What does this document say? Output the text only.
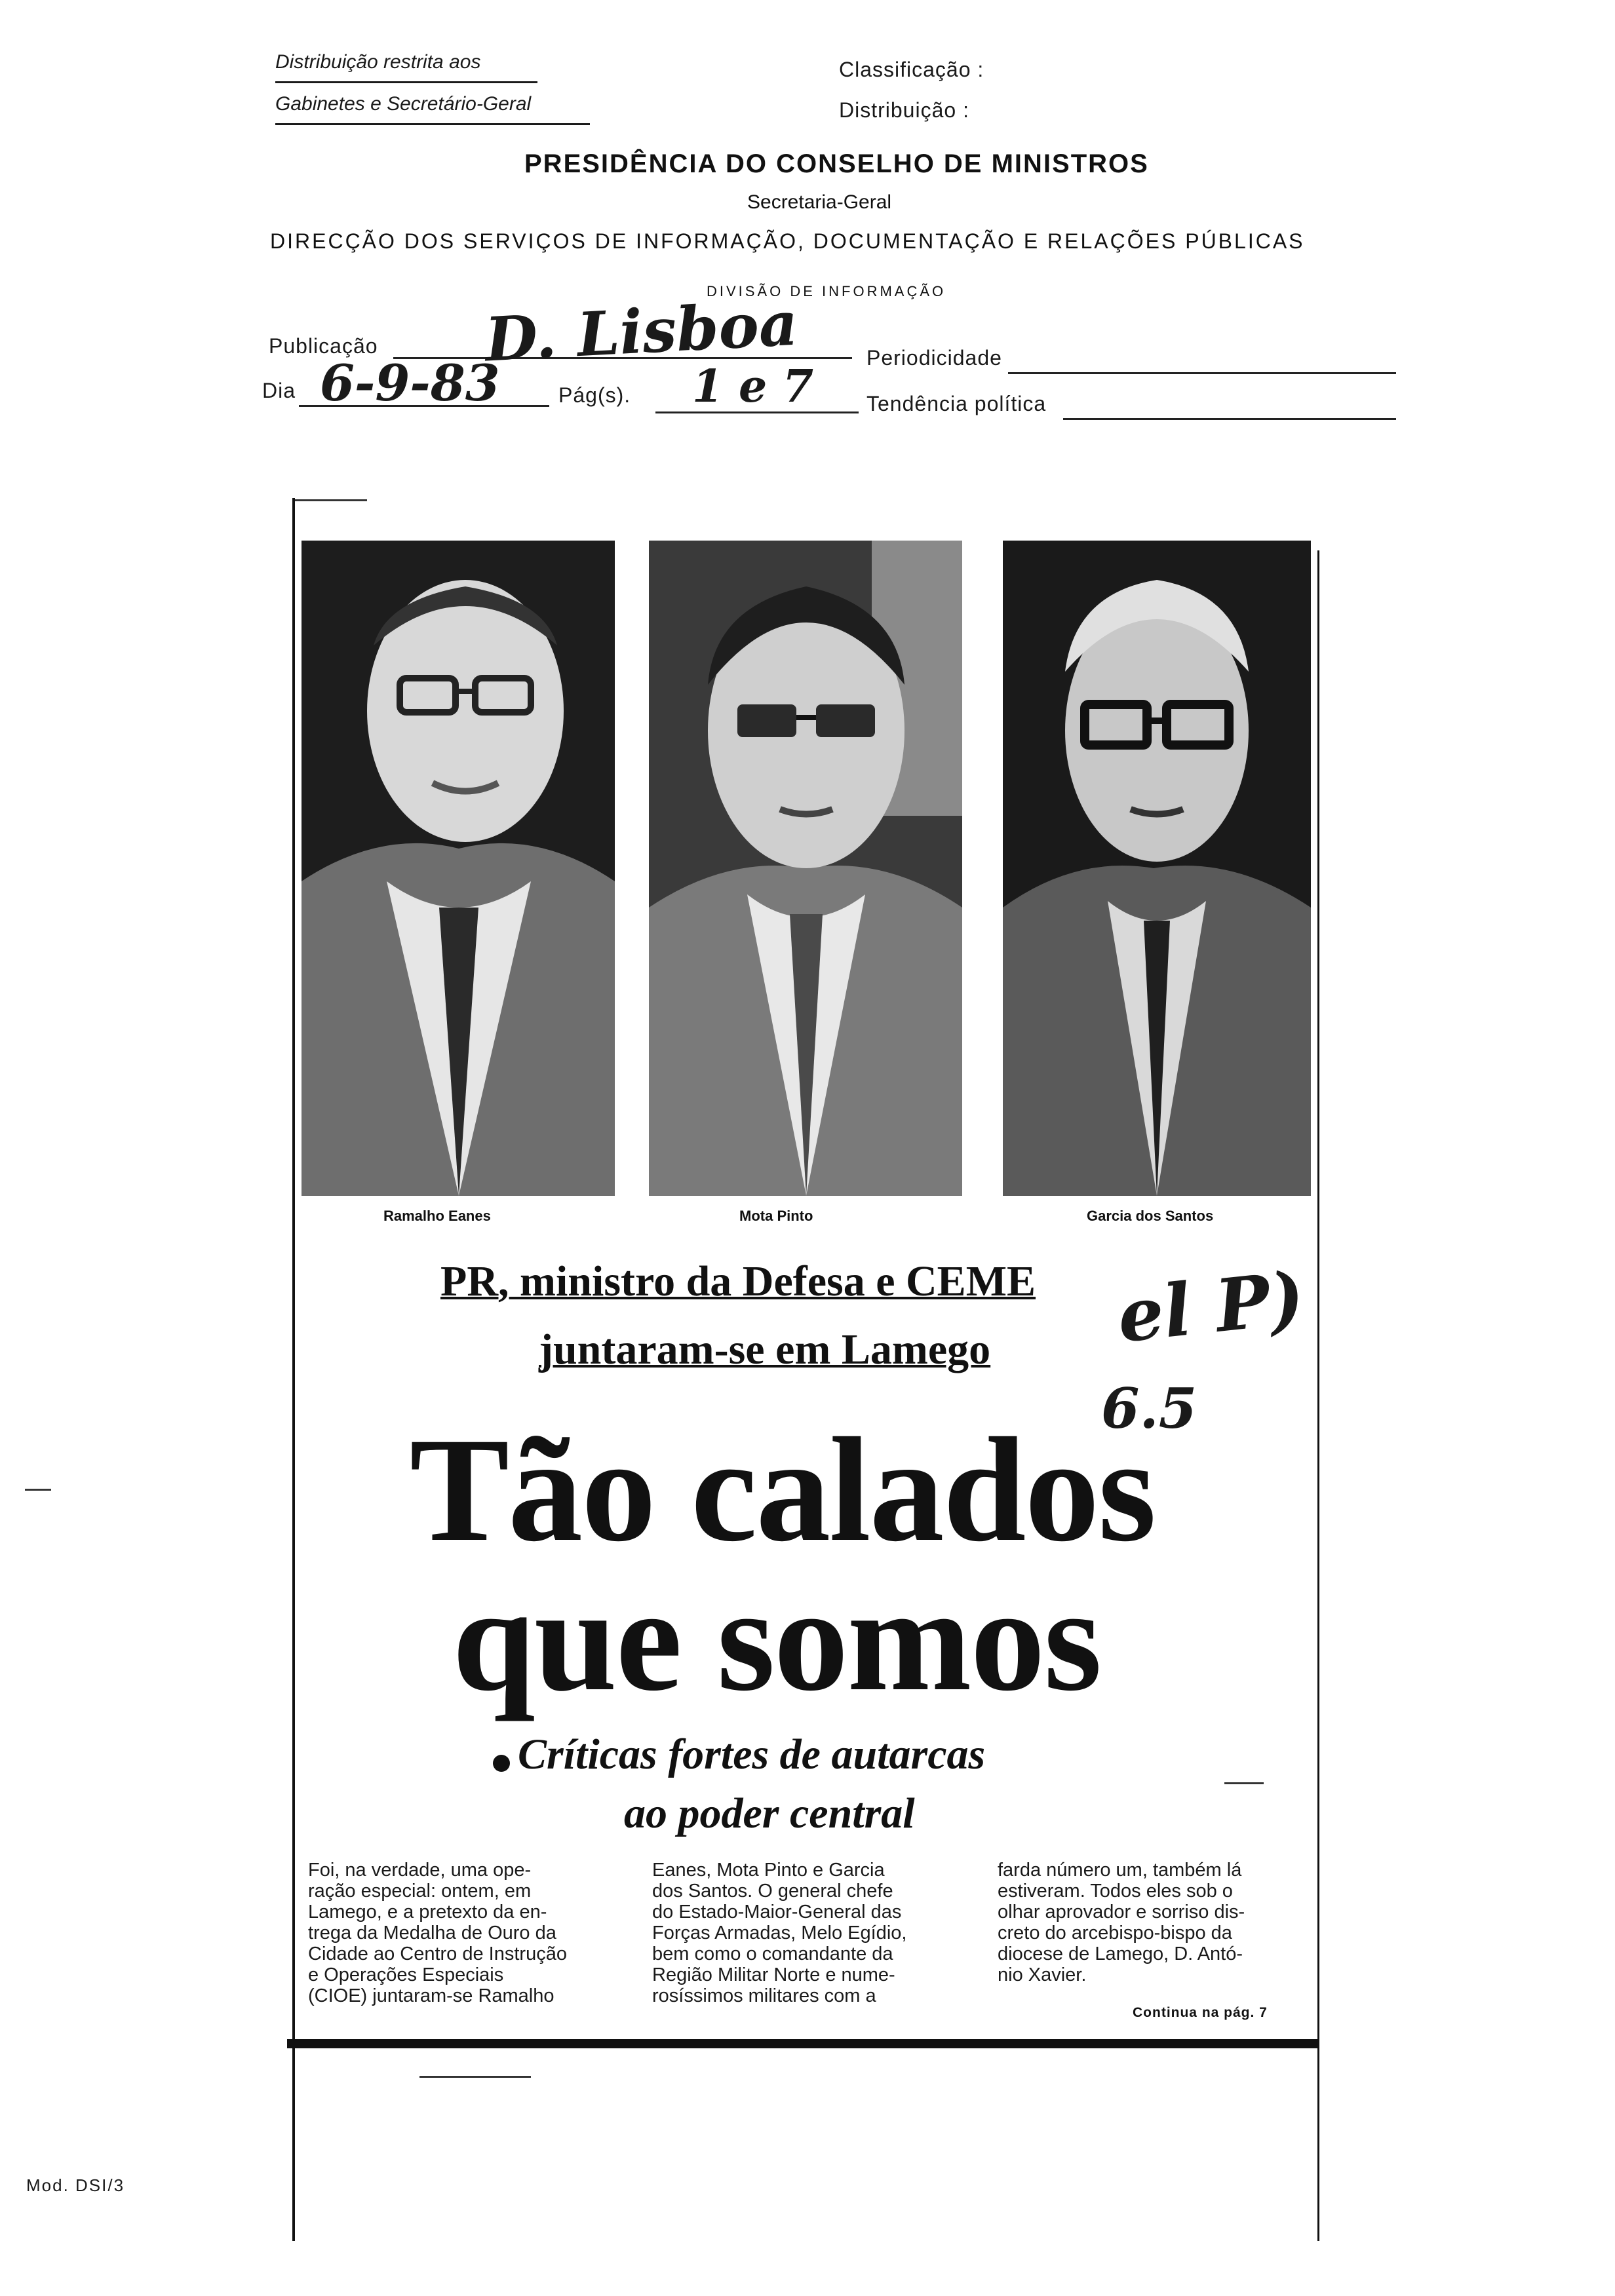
Distribuição restrita aos
Gabinetes e Secretário-Geral
Classificação :
Distribuição :
PRESIDÊNCIA DO CONSELHO DE MINISTROS
Secretaria-Geral
DIRECÇÃO DOS SERVIÇOS DE INFORMAÇÃO, DOCUMENTAÇÃO E RELAÇÕES PÚBLICAS
DIVISÃO DE INFORMAÇÃO
Publicação D. Lisboa	Periodicidade
Dia 6-9-83	Pág(s). 1 e 7	Tendência política
Ramalho Eanes	Mota Pinto	Garcia dos Santos
PR, ministro da Defesa e CEME
juntaram-se em Lamego el P)
6.5
Tão calados
que somos
Críticas fortes de autarcas
ao poder central
Foi, na verdade, uma ope-
ração especial: ontem, em
Lamego, e a pretexto da en-
trega da Medalha de Ouro da
Cidade ao Centro de Instrução
e Operações Especiais
(CIOE) juntaram-se Ramalho
Eanes, Mota Pinto e Garcia
dos Santos. O general chefe
do Estado-Maior-General das
Forças Armadas, Melo Egídio,
bem como o comandante da
Região Militar Norte e nume-
rosíssimos militares com a
farda número um, também lá
estiveram. Todos eles sob o
olhar aprovador e sorriso dis-
creto do arcebispo-bispo da
diocese de Lamego, D. Antó-
nio Xavier.
Continua na pág. 7
Mod. DSI/3
